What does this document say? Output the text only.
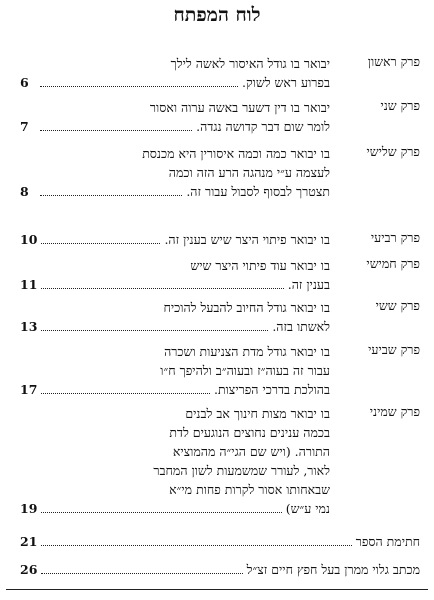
לוח המפתח
פרק ראשון
יבואר בו גודל האיסור לאשה לילך
בפרוע ראש לשוק.
6
פרק שני
יבואר בו דין דשער באשה ערוה ואסור
לומר שום דבר קדושה נגדה.
7
פרק שלישי
בו יבואר כמה וכמה איסורין היא מכנסת
לעצמה ע״י מנהגה הרע הזה וכמה
תצטרך לבסוף לסבול עבור זה.
8
פרק רביעי
בו יבואר פיתוי היצר שיש בענין זה.
10
פרק חמישי
בו יבואר עוד פיתוי היצר שיש
בענין זה.
11
פרק ששי
בו יבואר גודל החיוב להבעל להוכיח
לאשתו בזה.
13
פרק שביעי
בו יבואר גודל מדת הצניעות ושכרה
עבור זה בעוה״ז ובעוה״ב ולהיפך ח״ו
בהולכת בדרכי הפריצות.
17
פרק שמיני
בו יבואר מצות חינוך אב לבנים
בכמה ענינים נחוצים הנוגעים לדת
התורה. (ויש שם הגי״ה מהמוציא
לאור, לעורר שמשמעות לשון המחבר
שבאחותו אסור לקרות פחות מי״א
נמי ע״ש)
19
חתימת הספר
21
מכתב גלוי ממרן בעל חפץ חיים זצ״ל
26
